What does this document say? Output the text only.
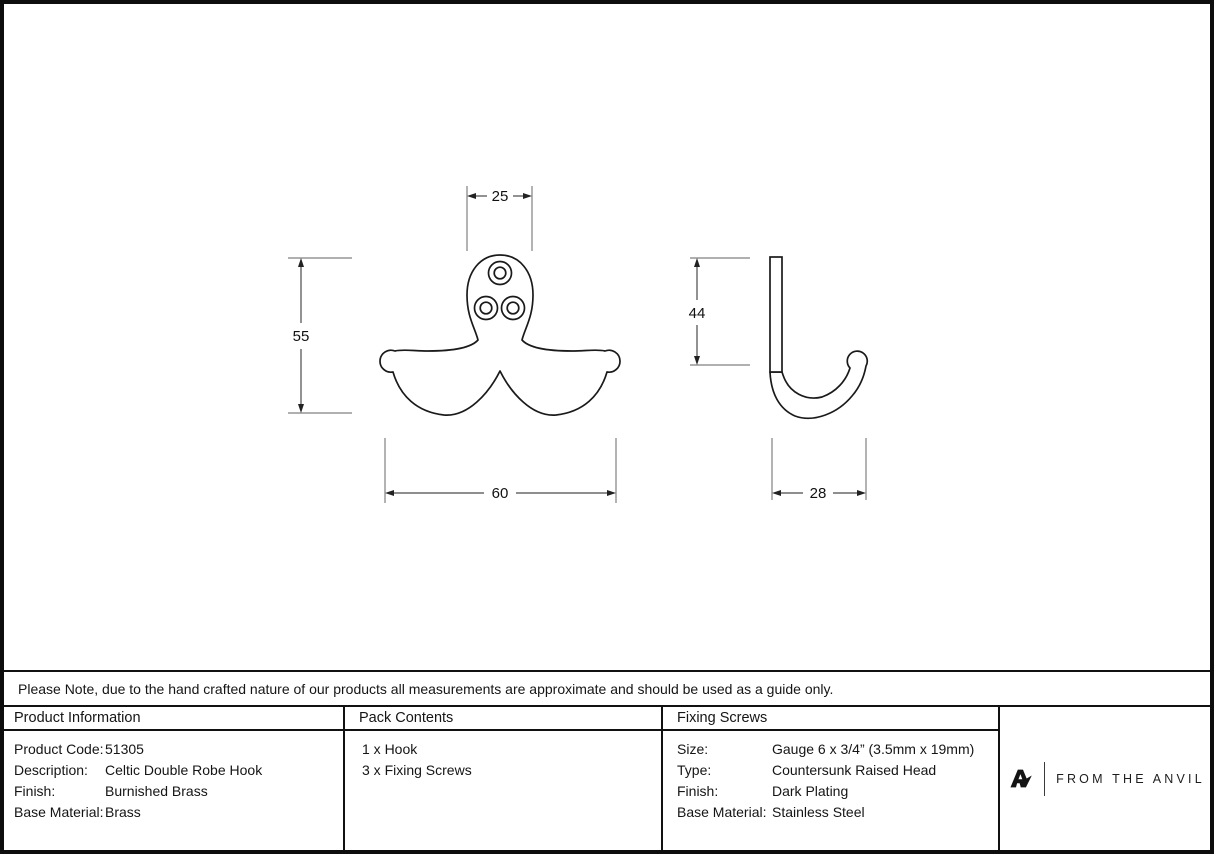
25
55
60
44
28
Please Note, due to the hand crafted nature of our products all measurements are approximate and should be used as a guide only.
Product Information
Product Code: 51305
Description: Celtic Double Robe Hook
Finish:	Burnished Brass
Base Material: Brass
Pack Contents
1 x Hook
3 x Fixing Screws
Fixing Screws
Size:	Gauge 6 x 3/4” (3.5mm x 19mm)
Type:	Countersunk Raised Head
Finish:	Dark Plating
Base Material: Stainless Steel
FROM THE ANVIL
